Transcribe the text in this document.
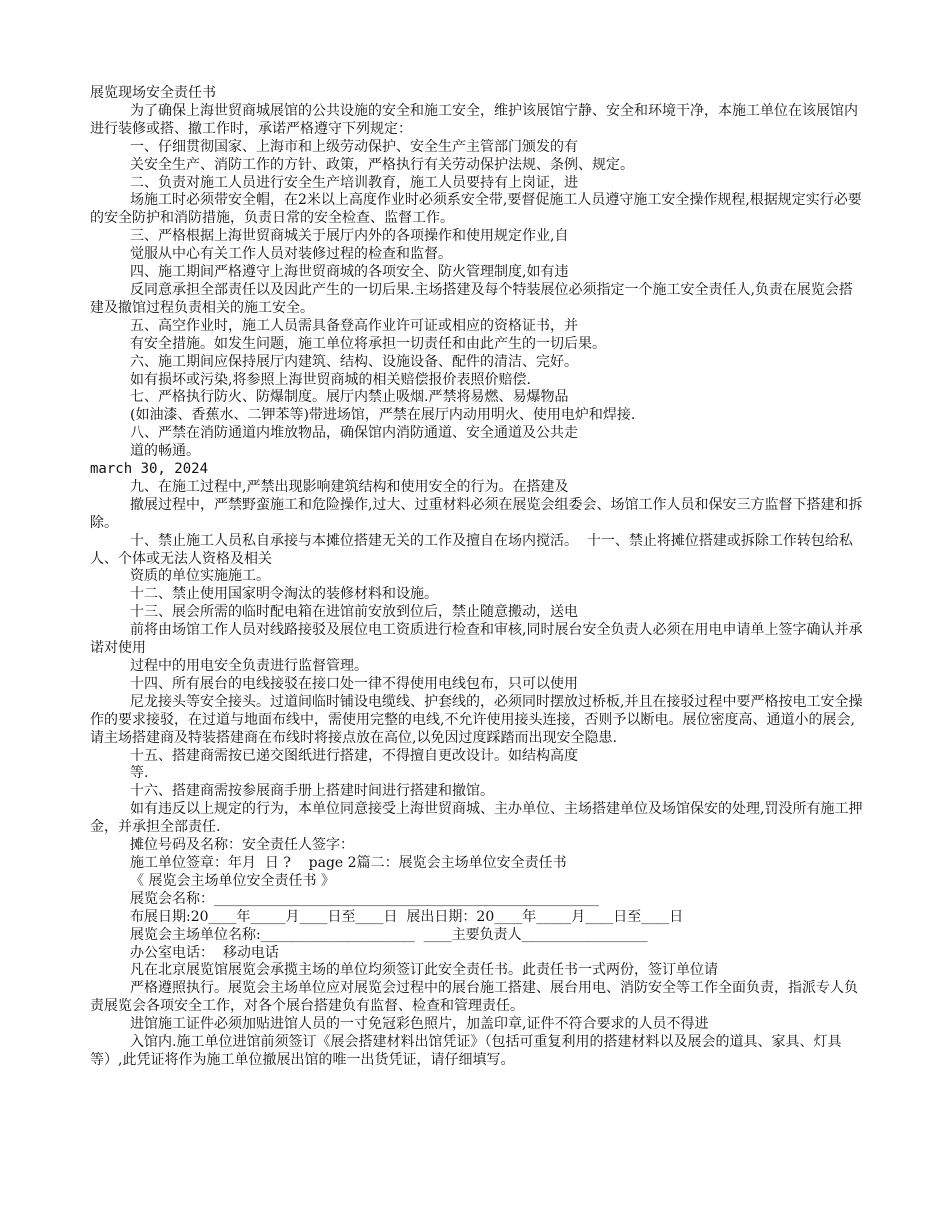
展览现场安全责任书

为了确保上海世贸商城展馆的公共设施的安全和施工安全，维护该展馆宁静、安全和环境干净，本施工单位在该展馆内进行装修或搭、撤工作时，承诺严格遵守下列规定：

一、仔细贯彻国家、上海市和上级劳动保护、安全生产主管部门颁发的有

关安全生产、消防工作的方针、政策，严格执行有关劳动保护法规、条例、规定。

二、负责对施工人员进行安全生产培训教育，施工人员要持有上岗证，进

场施工时必须带安全帽，在2米以上高度作业时必须系安全带,要督促施工人员遵守施工安全操作规程,根据规定实行必要的安全防护和消防措施，负责日常的安全检查、监督工作。

三、严格根据上海世贸商城关于展厅内外的各项操作和使用规定作业,自

觉服从中心有关工作人员对装修过程的检查和监督。

四、施工期间严格遵守上海世贸商城的各项安全、防火管理制度,如有违

反同意承担全部责任以及因此产生的一切后果.主场搭建及每个特装展位必须指定一个施工安全责任人,负责在展览会搭建及撤馆过程负责相关的施工安全。

五、高空作业时，施工人员需具备登高作业许可证或相应的资格证书，并

有安全措施。如发生问题，施工单位将承担一切责任和由此产生的一切后果。

六、施工期间应保持展厅内建筑、结构、设施设备、配件的清洁、完好。

如有损坏或污染,将参照上海世贸商城的相关赔偿报价表照价赔偿.

七、严格执行防火、防爆制度。展厅内禁止吸烟.严禁将易燃、易爆物品

(如油漆、香蕉水、二钾苯等)带进场馆，严禁在展厅内动用明火、使用电炉和焊接.

八、严禁在消防通道内堆放物品，确保馆内消防通道、安全通道及公共走

道的畅通。

march 30, 2024

九、在施工过程中,严禁出现影响建筑结构和使用安全的行为。在搭建及

撤展过程中，严禁野蛮施工和危险操作,过大、过重材料必须在展览会组委会、场馆工作人员和保安三方监督下搭建和拆除。

十、禁止施工人员私自承接与本摊位搭建无关的工作及擅自在场内搅活。  十一、禁止将摊位搭建或拆除工作转包给私人、个体或无法人资格及相关

资质的单位实施施工。

十二、禁止使用国家明令淘汰的装修材料和设施。

十三、展会所需的临时配电箱在进馆前安放到位后，禁止随意搬动，送电

前将由场馆工作人员对线路接驳及展位电工资质进行检查和审核,同时展台安全负责人必须在用电申请单上签字确认并承诺对使用

过程中的用电安全负责进行监督管理。

十四、所有展台的电线接驳在接口处一律不得使用电线包布，只可以使用

尼龙接头等安全接头。过道间临时铺设电缆线、护套线的，必须同时摆放过桥板,并且在接驳过程中要严格按电工安全操作的要求接驳，在过道与地面布线中，需使用完整的电线,不允许使用接头连接，否则予以断电。展位密度高、通道小的展会,请主场搭建商及特装搭建商在布线时将接点放在高位,以免因过度踩踏而出现安全隐患.

十五、搭建商需按已递交图纸进行搭建，不得擅自更改设计。如结构高度

等.

十六、搭建商需按参展商手册上搭建时间进行搭建和撤馆。

如有违反以上规定的行为，本单位同意接受上海世贸商城、主办单位、主场搭建单位及场馆保安的处理,罚没所有施工押金，并承担全部责任.

摊位号码及名称：安全责任人签字：

施工单位签章：年月  日 ?    page 2篇二：展览会主场单位安全责任书

《 展览会主场单位安全责任书 》

展览会名称：_______________________________________________________

布展日期:20____年_____月____日至____日  展出日期：20____年_____月____日至____日

展览会主场单位名称:______________________  ____主要负责人__________________

办公室电话：  移动电话

凡在北京展览馆展览会承揽主场的单位均须签订此安全责任书。此责任书一式两份，签订单位请

严格遵照执行。展览会主场单位应对展览会过程中的展台施工搭建、展台用电、消防安全等工作全面负责，指派专人负责展览会各项安全工作，对各个展台搭建负有监督、检查和管理责任。

进馆施工证件必须加贴进馆人员的一寸免冠彩色照片，加盖印章,证件不符合要求的人员不得进

入馆内.施工单位进馆前须签订《展会搭建材料出馆凭证》（包括可重复利用的搭建材料以及展会的道具、家具、灯具等）,此凭证将作为施工单位撤展出馆的唯一出货凭证，请仔细填写。
